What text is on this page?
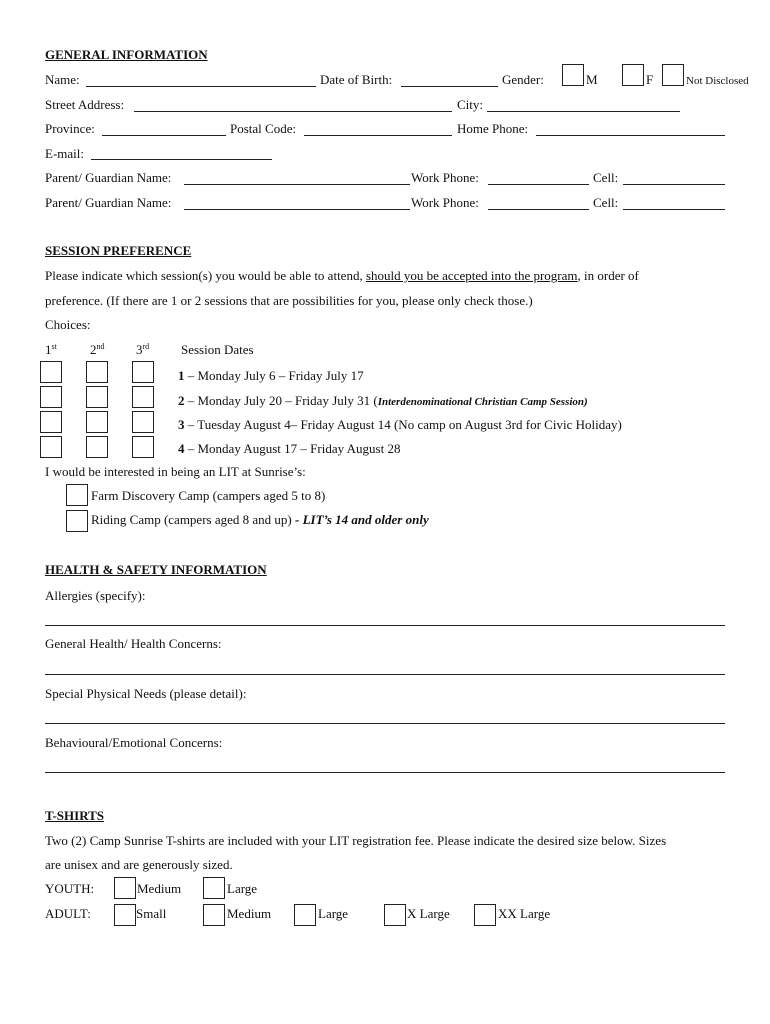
GENERAL INFORMATION
Name:	Date of Birth:	Gender:	M	F	Not Disclosed
Street Address:	City:
Province:	Postal Code:	Home Phone:
E-mail:
Parent/ Guardian Name:	Work Phone:	Cell:
Parent/ Guardian Name:	Work Phone:	Cell:
SESSION PREFERENCE
Please indicate which session(s) you would be able to attend, should you be accepted into the program, in order of
preference. (If there are 1 or 2 sessions that are possibilities for you, please only check those.)
Choices:
1st	2nd 3rd Session Dates
1 – Monday July 6 – Friday July 17
2 – Monday July 20 – Friday July 31 (Interdenominational Christian Camp Session)
3 – Tuesday August 4– Friday August 14 (No camp on August 3rd for Civic Holiday)
4 – Monday August 17 – Friday August 28
I would be interested in being an LIT at Sunrise’s:
Farm Discovery Camp (campers aged 5 to 8)
Riding Camp (campers aged 8 and up) - LIT’s 14 and older only
HEALTH & SAFETY INFORMATION
Allergies (specify):
General Health/ Health Concerns:
Special Physical Needs (please detail):
Behavioural/Emotional Concerns:
T-SHIRTS
Two (2) Camp Sunrise T-shirts are included with your LIT registration fee. Please indicate the desired size below. Sizes
are unisex and are generously sized.
YOUTH:	Medium	Large
ADULT:	Small	Medium	Large	X Large	XX Large
